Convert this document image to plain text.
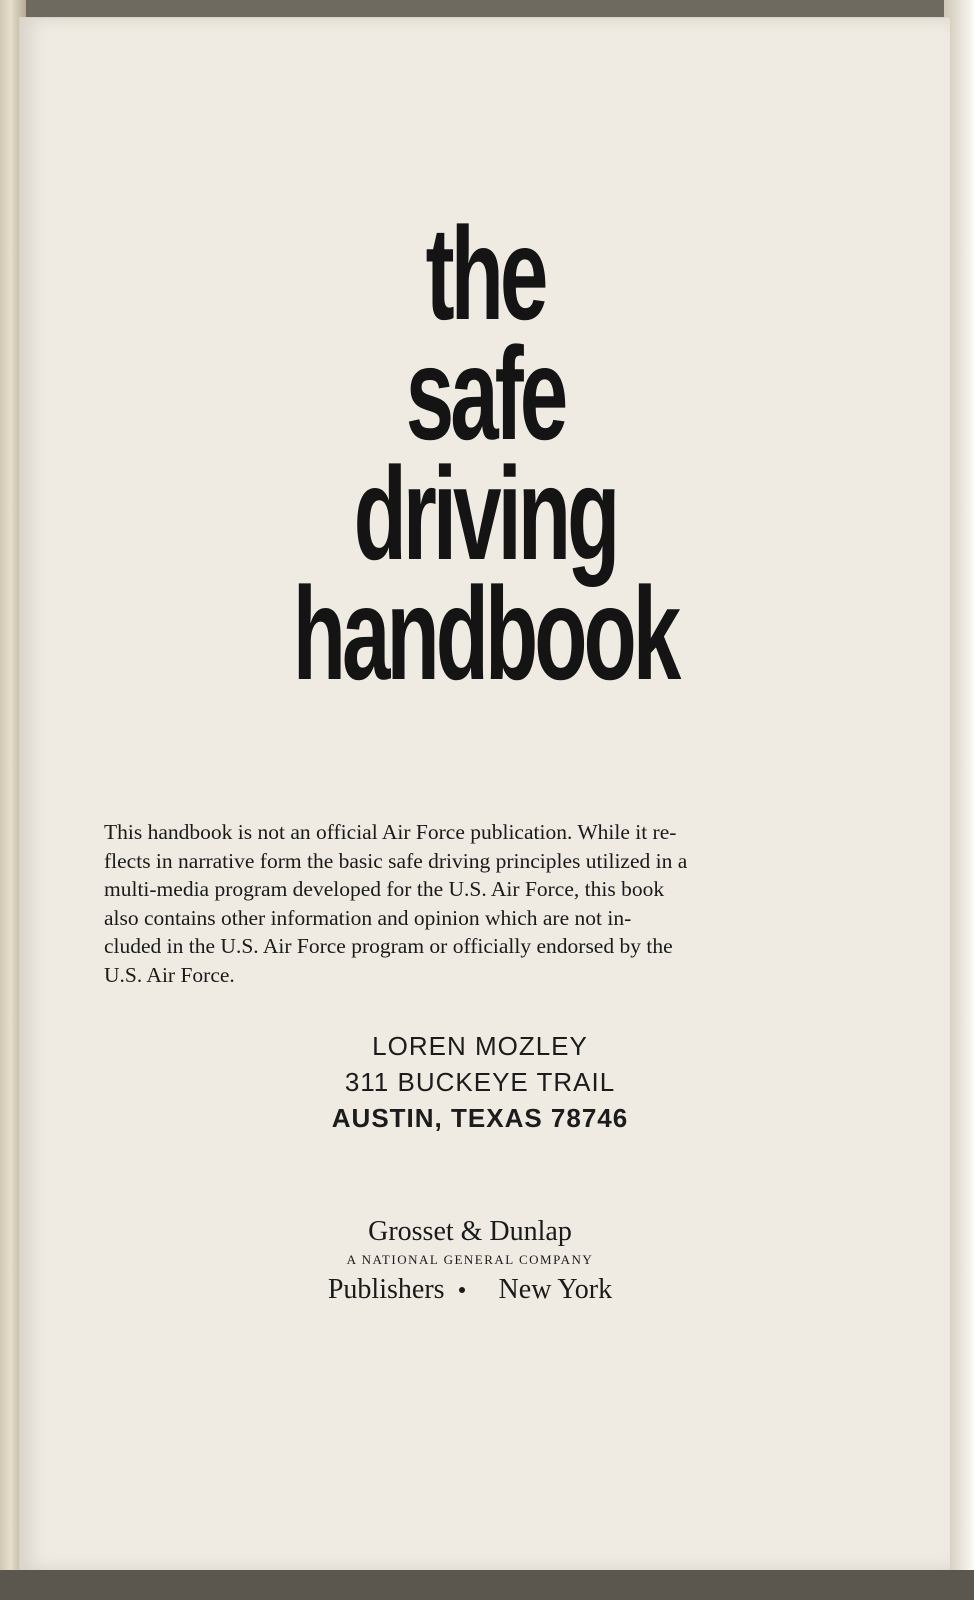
the
safe
driving
handbook
This handbook is not an official Air Force publication. While it re-
flects in narrative form the basic safe driving principles utilized in a
multi-media program developed for the U.S. Air Force, this book
also contains other information and opinion which are not in-
cluded in the U.S. Air Force program or officially endorsed by the
U.S. Air Force.
LOREN MOZLEY
311 BUCKEYE TRAIL
AUSTIN, TEXAS 78746
Grosset & Dunlap
A NATIONAL GENERAL COMPANY
Publishers New York
